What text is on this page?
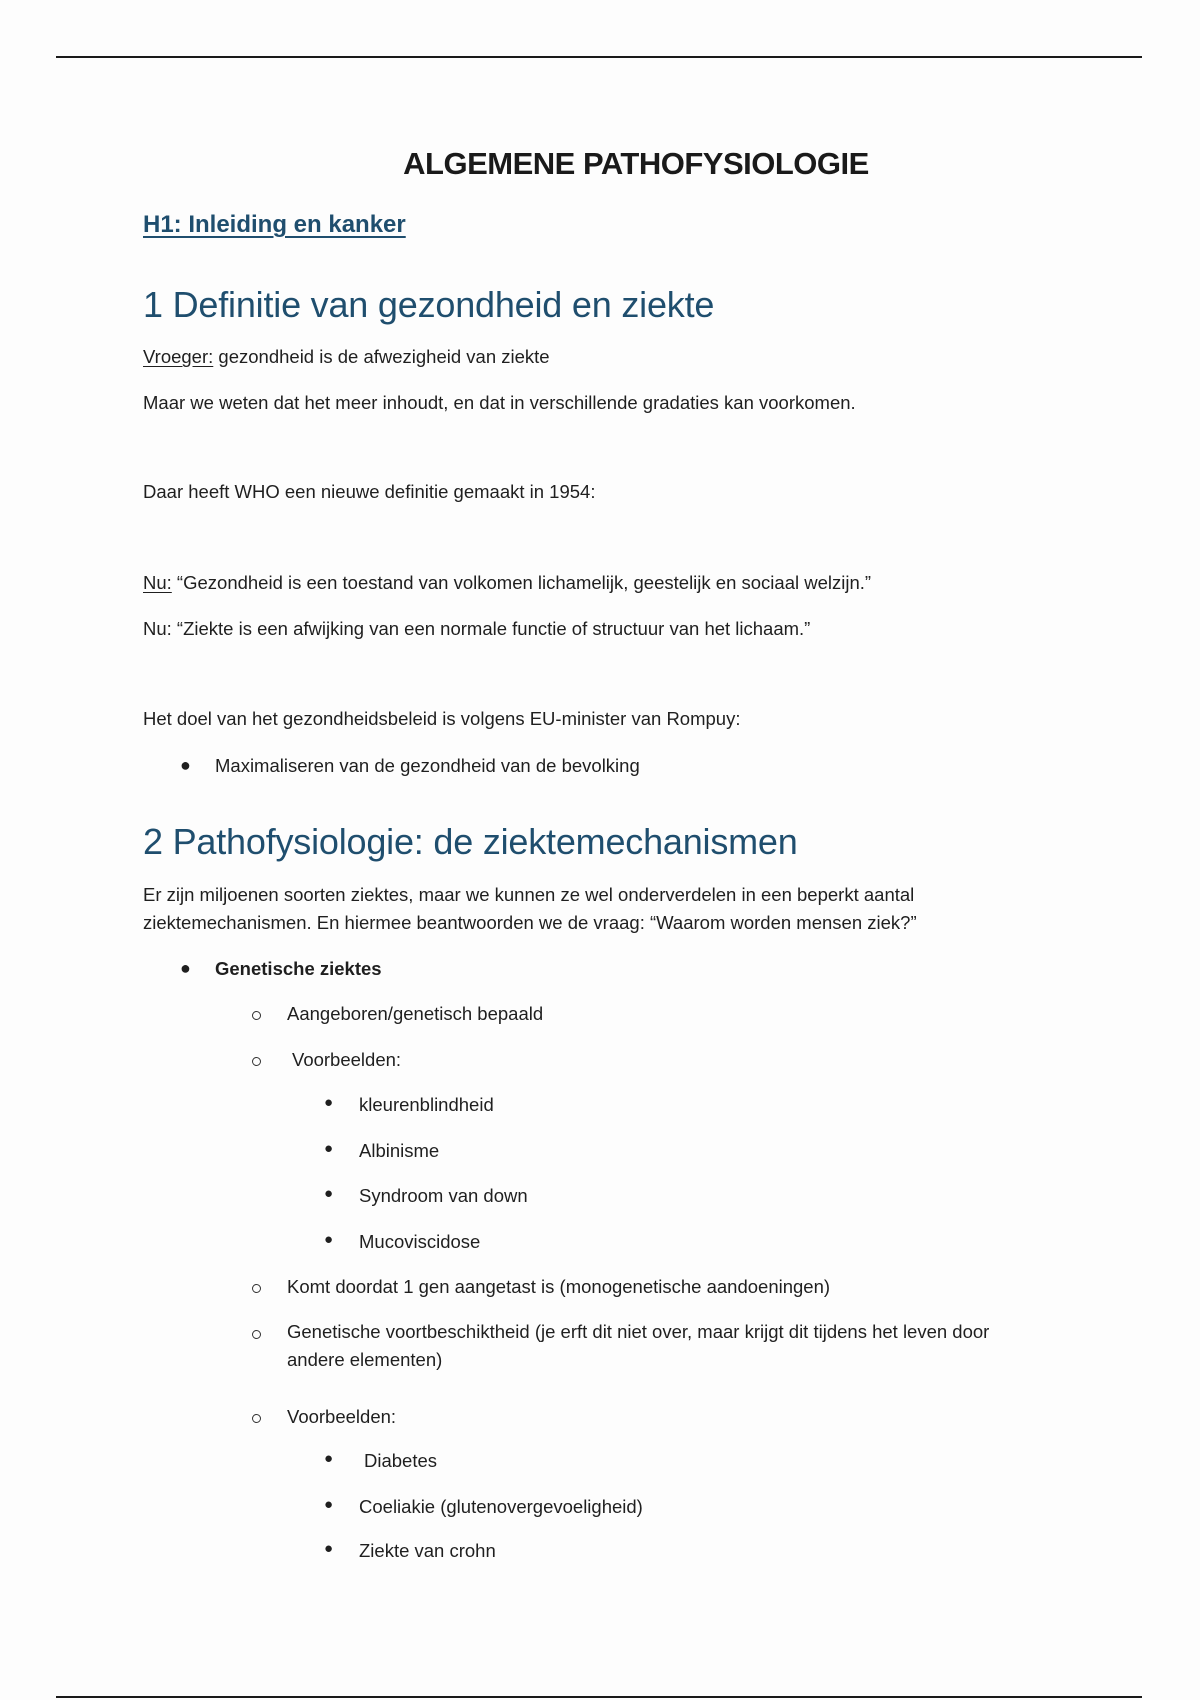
ALGEMENE PATHOFYSIOLOGIE
H1: Inleiding en kanker
1 Definitie van gezondheid en ziekte

Vroeger: gezondheid is de afwezigheid van ziekte

Maar we weten dat het meer inhoudt, en dat in verschillende gradaties kan voorkomen.

Daar heeft WHO een nieuwe definitie gemaakt in 1954:

Nu: “Gezondheid is een toestand van volkomen lichamelijk, geestelijk en sociaal welzijn.”

Nu: “Ziekte is een afwijking van een normale functie of structuur van het lichaam.”

Het doel van het gezondheidsbeleid is volgens EU-minister van Rompuy:

● Maximaliseren van de gezondheid van de bevolking

2 Pathofysiologie: de ziektemechanismen

Er zijn miljoenen soorten ziektes, maar we kunnen ze wel onderverdelen in een beperkt aantal ziektemechanismen. En hiermee beantwoorden we de vraag: “Waarom worden mensen ziek?”

● Genetische ziektes

Aangeboren/genetisch bepaald

Voorbeelden:

● kleurenblindheid

● Albinisme

● Syndroom van down

● Mucoviscidose

Komt doordat 1 gen aangetast is (monogenetische aandoeningen)

Genetische voortbeschiktheid (je erft dit niet over, maar krijgt dit tijdens het leven door andere elementen)

Voorbeelden:

● Diabetes

● Coeliakie (glutenovergevoeligheid)

● Ziekte van crohn
